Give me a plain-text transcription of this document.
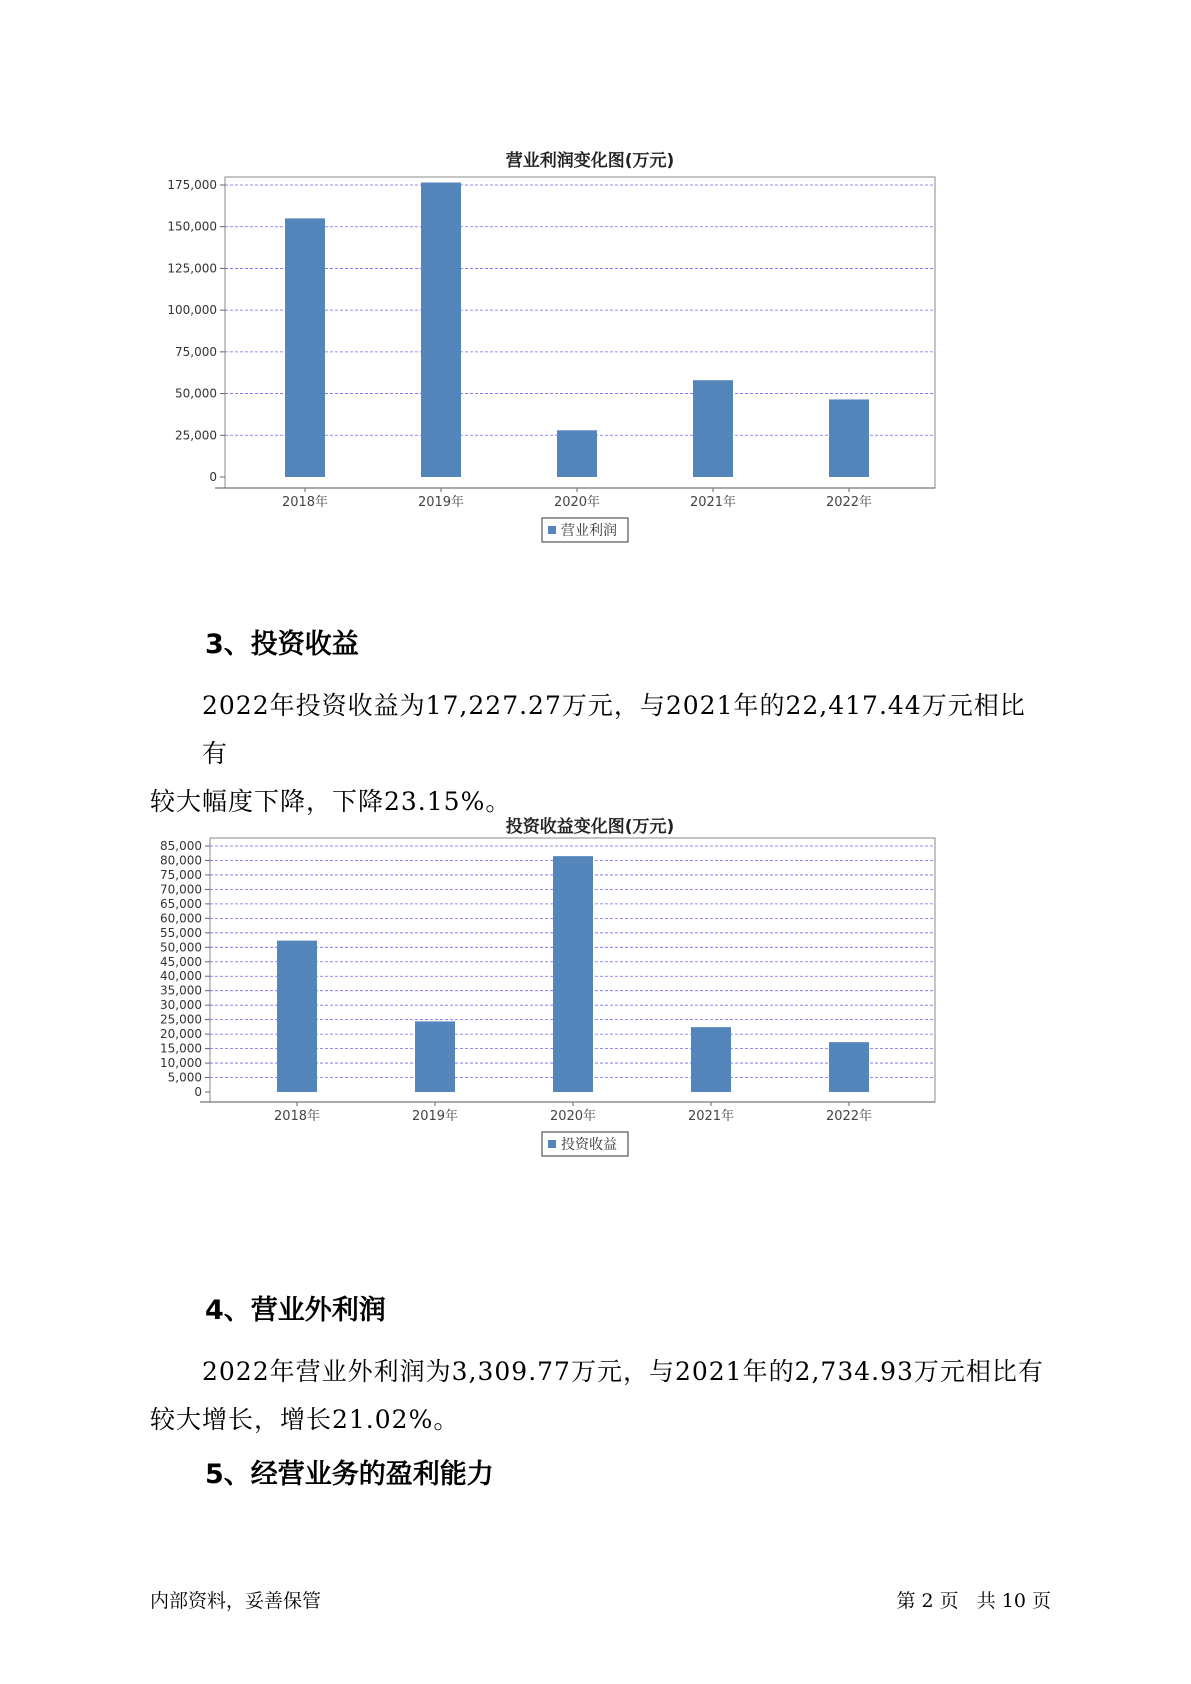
营业利润变化图(万元)
0
25,000
50,000
75,000
100,000
125,000
150,000
175,000
2018年	2019年	2020年	2021年	2022年
营业利润
3、投资收益
2022年投资收益为17,227.27万元，与2021年的22,417.44万元相比有
较大幅度下降，下降23.15%。
投资收益变化图(万元)
0
5,000
10,000
15,000
20,000
25,000
30,000
35,000
40,000
45,000
50,000
55,000
60,000
65,000
70,000
75,000
80,000
85,000
2018年	2019年	2020年	2021年	2022年
投资收益
4、营业外利润
2022年营业外利润为3,309.77万元，与2021年的2,734.93万元相比有
较大增长，增长21.02%。
5、经营业务的盈利能力
内部资料，妥善保管	第 2 页   共 10 页
